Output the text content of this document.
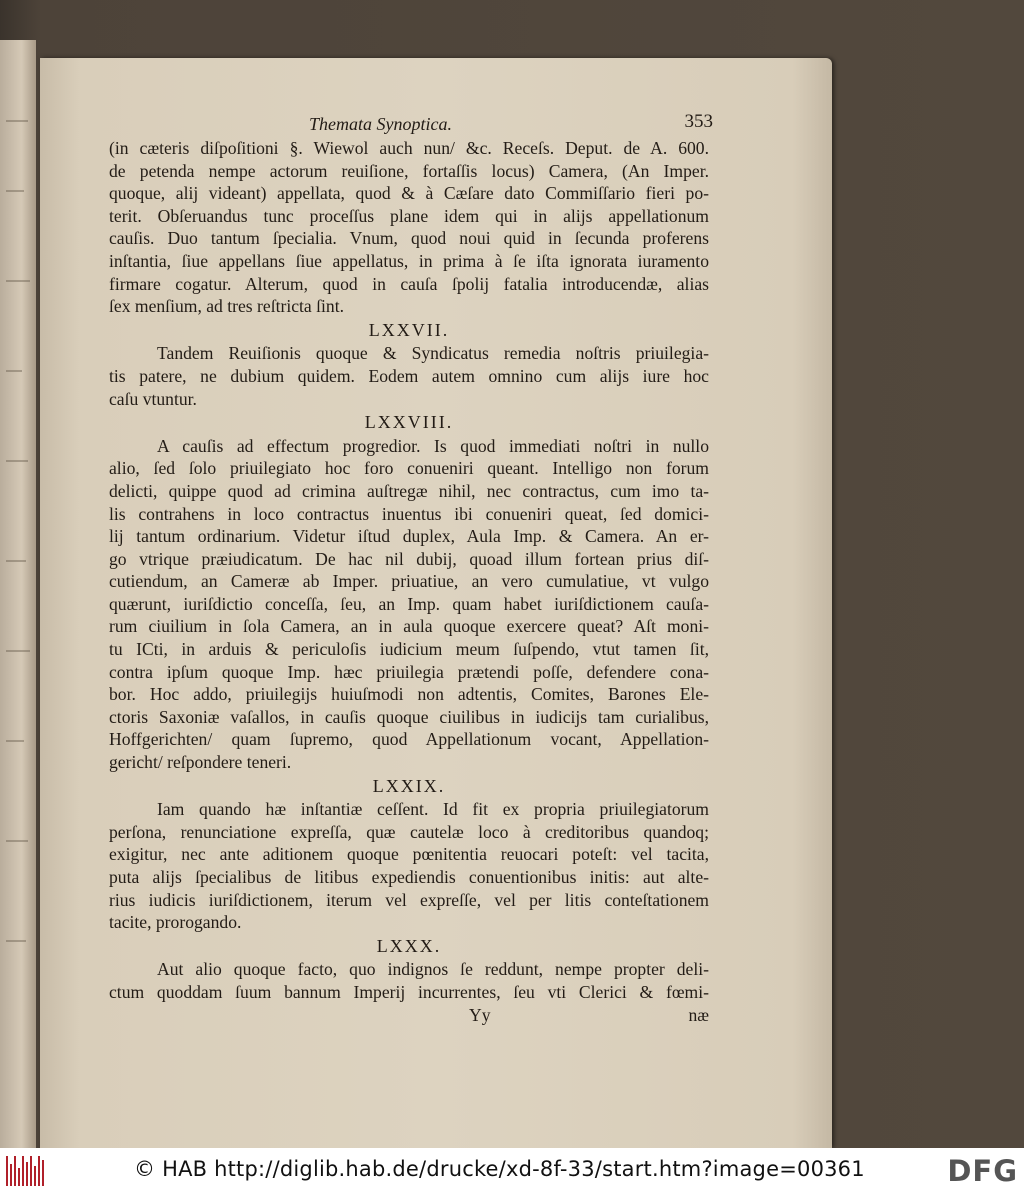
Themata Synoptica.	353
(in cæteris diſpoſitioni §. Wiewol auch nun/ &c. Receſs. Deput. de A. 600.
de petenda nempe actorum reuiſione, fortaſſis locus) Camera, (An Imper.
quoque, alij videant) appellata, quod & à Cæſare dato Commiſſario fieri po-
terit. Obſeruandus tunc proceſſus plane idem qui in alijs appellationum
cauſis. Duo tantum ſpecialia. Vnum, quod noui quid in ſecunda proferens
inſtantia, ſiue appellans ſiue appellatus, in prima à ſe iſta ignorata iuramento
firmare cogatur. Alterum, quod in cauſa ſpolij fatalia introducendæ, alias
ſex menſium, ad tres reſtricta ſint.
LXXVII.
Tandem Reuiſionis quoque & Syndicatus remedia noſtris priuilegia-
tis patere, ne dubium quidem. Eodem autem omnino cum alijs iure hoc
caſu vtuntur.
LXXVIII.
A cauſis ad effectum progredior. Is quod immediati noſtri in nullo
alio, ſed ſolo priuilegiato hoc foro conueniri queant. Intelligo non forum
delicti, quippe quod ad crimina auſtregæ nihil, nec contractus, cum imo ta-
lis contrahens in loco contractus inuentus ibi conueniri queat, ſed domici-
lij tantum ordinarium. Videtur iſtud duplex, Aula Imp. & Camera. An er-
go vtrique præiudicatum. De hac nil dubij, quoad illum fortean prius diſ-
cutiendum, an Cameræ ab Imper. priuatiue, an vero cumulatiue, vt vulgo
quærunt, iuriſdictio conceſſa, ſeu, an Imp. quam habet iuriſdictionem cauſa-
rum ciuilium in ſola Camera, an in aula quoque exercere queat? Aſt moni-
tu ICti, in arduis & periculoſis iudicium meum ſuſpendo, vtut tamen ſit,
contra ipſum quoque Imp. hæc priuilegia prætendi poſſe, defendere cona-
bor. Hoc addo, priuilegijs huiuſmodi non adtentis, Comites, Barones Ele-
ctoris Saxoniæ vaſallos, in cauſis quoque ciuilibus in iudicijs tam curialibus,
Hoffgerichten/ quam ſupremo, quod Appellationum vocant, Appellation-
gericht/ reſpondere teneri.
LXXIX.
Iam quando hæ inſtantiæ ceſſent. Id fit ex propria priuilegiatorum
perſona, renunciatione expreſſa, quæ cautelæ loco à creditoribus quandoq;
exigitur, nec ante aditionem quoque pœnitentia reuocari poteſt: vel tacita,
puta alijs ſpecialibus de litibus expediendis conuentionibus initis: aut alte-
rius iudicis iuriſdictionem, iterum vel expreſſe, vel per litis conteſtationem
tacite, prorogando.
LXXX.
Aut alio quoque facto, quo indignos ſe reddunt, nempe propter deli-
ctum quoddam ſuum bannum Imperij incurrentes, ſeu vti Clerici & fœmi-
Yy	næ
© HAB http://diglib.hab.de/drucke/xd-8f-33/start.htm?image=00361	DFG
